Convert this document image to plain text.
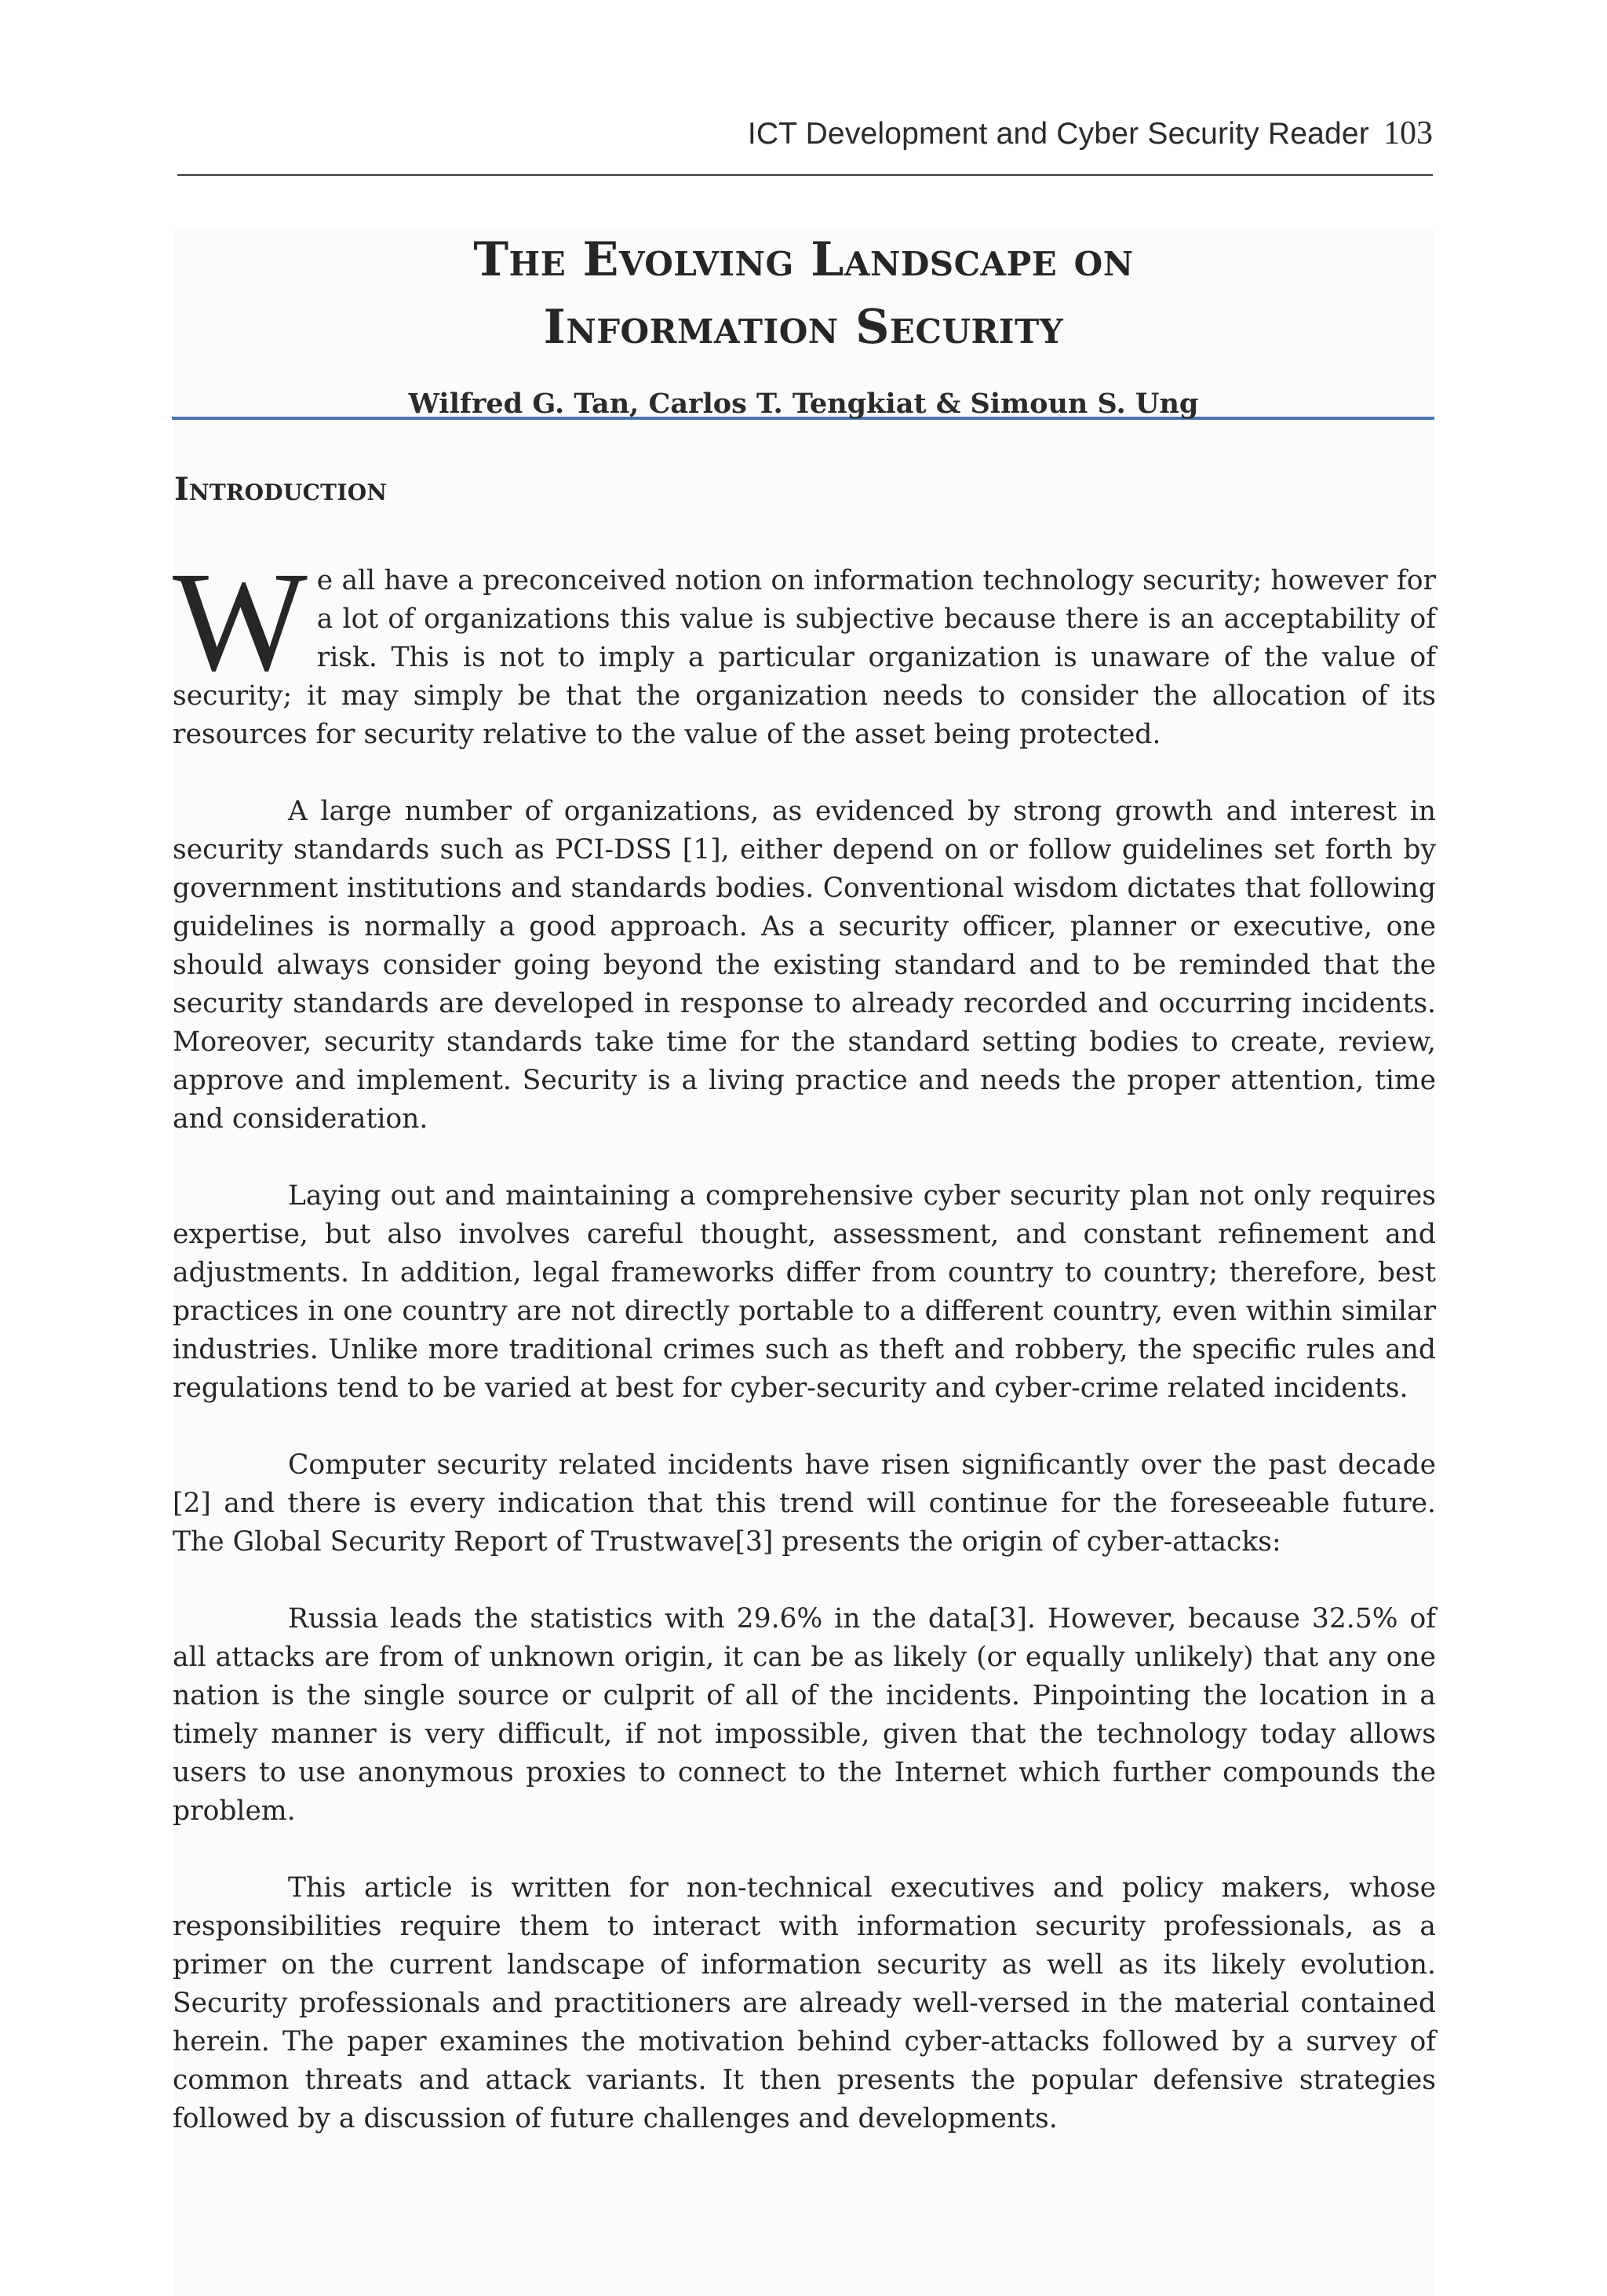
ICT Development and Cyber Security Reader 103
The Evolving Landscape on
Information Security
Wilfred G. Tan, Carlos T. Tengkiat & Simoun S. Ung
Introduction

We all have a preconceived notion on information technology security; however for a lot of organizations this value is subjective because there is an acceptability of risk. This is not to imply a particular organization is unaware of the value of security; it may simply be that the organization needs to consider the allocation of its resources for security relative to the value of the asset being protected.

A large number of organizations, as evidenced by strong growth and interest in security standards such as PCI-DSS [1], either depend on or follow guidelines set forth by government institutions and standards bodies. Conventional wisdom dictates that following guidelines is normally a good approach. As a security officer, planner or executive, one should always consider going beyond the existing standard and to be reminded that the security standards are developed in response to already recorded and occurring incidents. Moreover, security standards take time for the standard setting bodies to create, review, approve and implement. Security is a living practice and needs the proper attention, time and consideration.

Laying out and maintaining a comprehensive cyber security plan not only requires expertise, but also involves careful thought, assessment, and constant refinement and adjustments. In addition, legal frameworks differ from country to country; therefore, best practices in one country are not directly portable to a different country, even within similar industries. Unlike more traditional crimes such as theft and robbery, the specific rules and regulations tend to be varied at best for cyber-security and cyber-crime related incidents.

Computer security related incidents have risen significantly over the past decade [2] and there is every indication that this trend will continue for the foreseeable future. The Global Security Report of Trustwave[3] presents the origin of cyber-attacks:

Russia leads the statistics with 29.6% in the data[3]. However, because 32.5% of all attacks are from of unknown origin, it can be as likely (or equally unlikely) that any one nation is the single source or culprit of all of the incidents. Pinpointing the location in a timely manner is very difficult, if not impossible, given that the technology today allows users to use anonymous proxies to connect to the Internet which further compounds the problem.

This article is written for non-technical executives and policy makers, whose responsibilities require them to interact with information security professionals, as a primer on the current landscape of information security as well as its likely evolution. Security professionals and practitioners are already well-versed in the material contained herein. The paper examines the motivation behind cyber-attacks followed by a survey of common threats and attack variants. It then presents the popular defensive strategies followed by a discussion of future challenges and developments.
